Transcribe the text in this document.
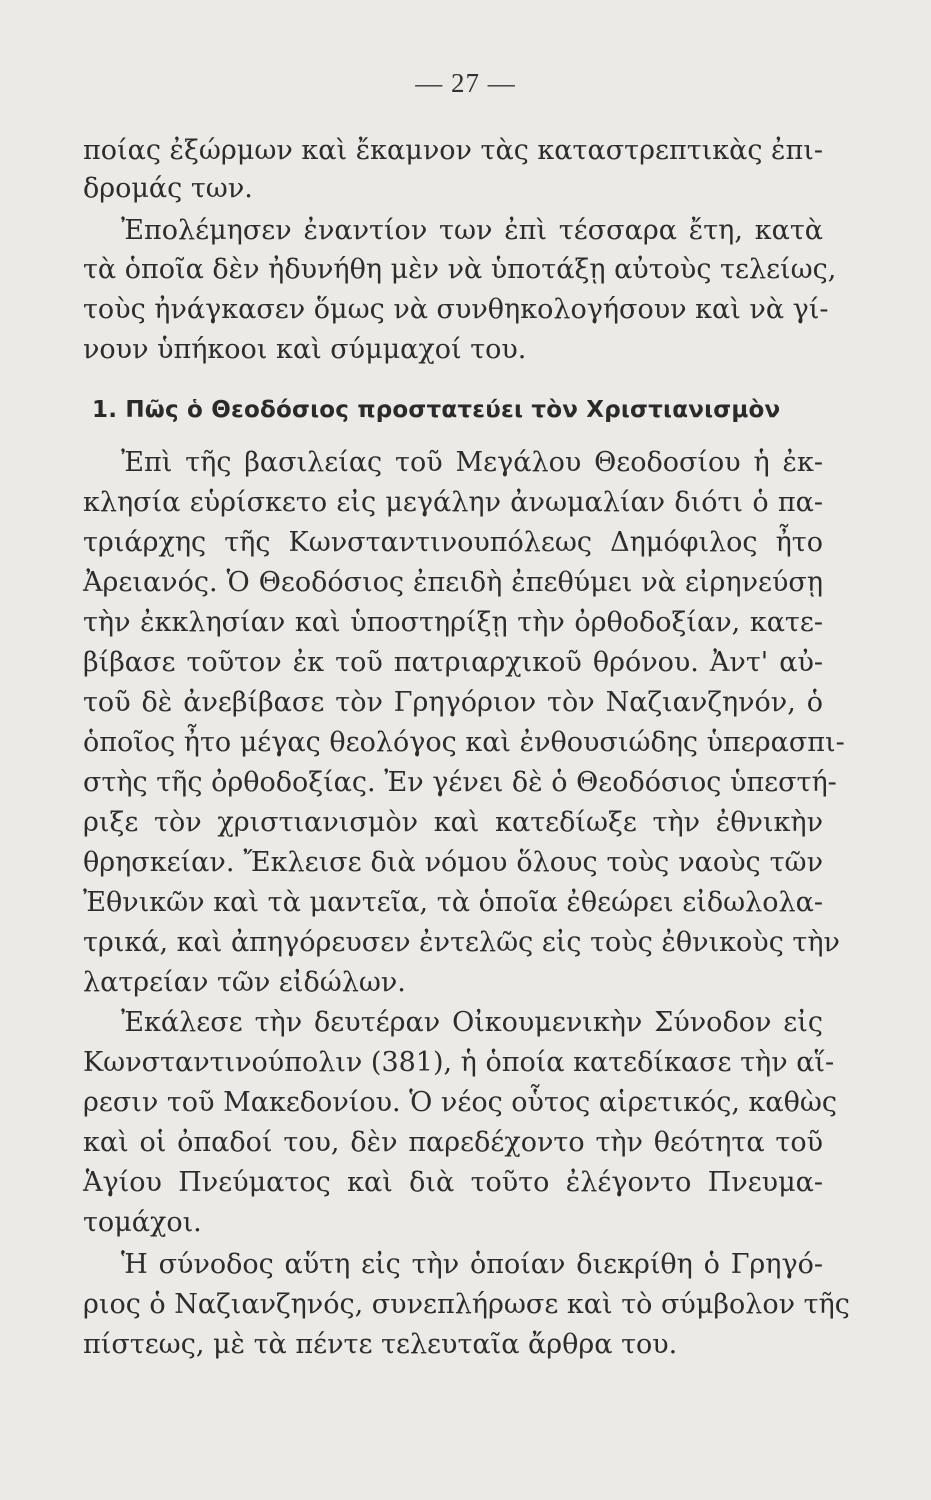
— 27 —
ποίας ἐξώρμων καὶ ἔκαμνον τὰς καταστρεπτικὰς ἐπι-
δρομάς των.
Ἐπολέμησεν ἐναντίον των ἐπὶ τέσσαρα ἔτη, κατὰ
τὰ ὁποῖα δὲν ἠδυνήθη μὲν νὰ ὑποτάξῃ αὐτοὺς τελείως,
τοὺς ἠνάγκασεν ὅμως νὰ συνθηκολογήσουν καὶ νὰ γί-
νουν ὑπήκοοι καὶ σύμμαχοί του.
1. Πῶς ὁ Θεοδόσιος προστατεύει τὸν Χριστιανισμὸν
Ἐπὶ τῆς βασιλείας τοῦ Μεγάλου Θεοδοσίου ἡ ἐκ-
κλησία εὑρίσκετο εἰς μεγάλην ἀνωμαλίαν διότι ὁ πα-
τριάρχης τῆς Κωνσταντινουπόλεως Δημόφιλος ἦτο
Ἀρειανός. Ὁ Θεοδόσιος ἐπειδὴ ἐπεθύμει νὰ εἰρηνεύσῃ
τὴν ἐκκλησίαν καὶ ὑποστηρίξῃ τὴν ὀρθοδοξίαν, κατε-
βίβασε τοῦτον ἐκ τοῦ πατριαρχικοῦ θρόνου. Ἀντ' αὐ-
τοῦ δὲ ἀνεβίβασε τὸν Γρηγόριον τὸν Ναζιανζηνόν, ὁ
ὁποῖος ἦτο μέγας θεολόγος καὶ ἐνθουσιώδης ὑπερασπι-
στὴς τῆς ὀρθοδοξίας. Ἐν γένει δὲ ὁ Θεοδόσιος ὑπεστή-
ριξε τὸν χριστιανισμὸν καὶ κατεδίωξε τὴν ἐθνικὴν
θρησκείαν. Ἔκλεισε διὰ νόμου ὅλους τοὺς ναοὺς τῶν
Ἐθνικῶν καὶ τὰ μαντεῖα, τὰ ὁποῖα ἐθεώρει εἰδωλολα-
τρικά, καὶ ἀπηγόρευσεν ἐντελῶς εἰς τοὺς ἐθνικοὺς τὴν
λατρείαν τῶν εἰδώλων.
Ἐκάλεσε τὴν δευτέραν Οἰκουμενικὴν Σύνοδον εἰς
Κωνσταντινούπολιν (381), ἡ ὁποία κατεδίκασε τὴν αἵ-
ρεσιν τοῦ Μακεδονίου. Ὁ νέος οὗτος αἱρετικός, καθὼς
καὶ οἱ ὀπαδοί του, δὲν παρεδέχοντο τὴν θεότητα τοῦ
Ἁγίου Πνεύματος καὶ διὰ τοῦτο ἐλέγοντο Πνευμα-
τομάχοι.
Ἡ σύνοδος αὕτη εἰς τὴν ὁποίαν διεκρίθη ὁ Γρηγό-
ριος ὁ Ναζιανζηνός, συνεπλήρωσε καὶ τὸ σύμβολον τῆς
πίστεως, μὲ τὰ πέντε τελευταῖα ἄρθρα του.
